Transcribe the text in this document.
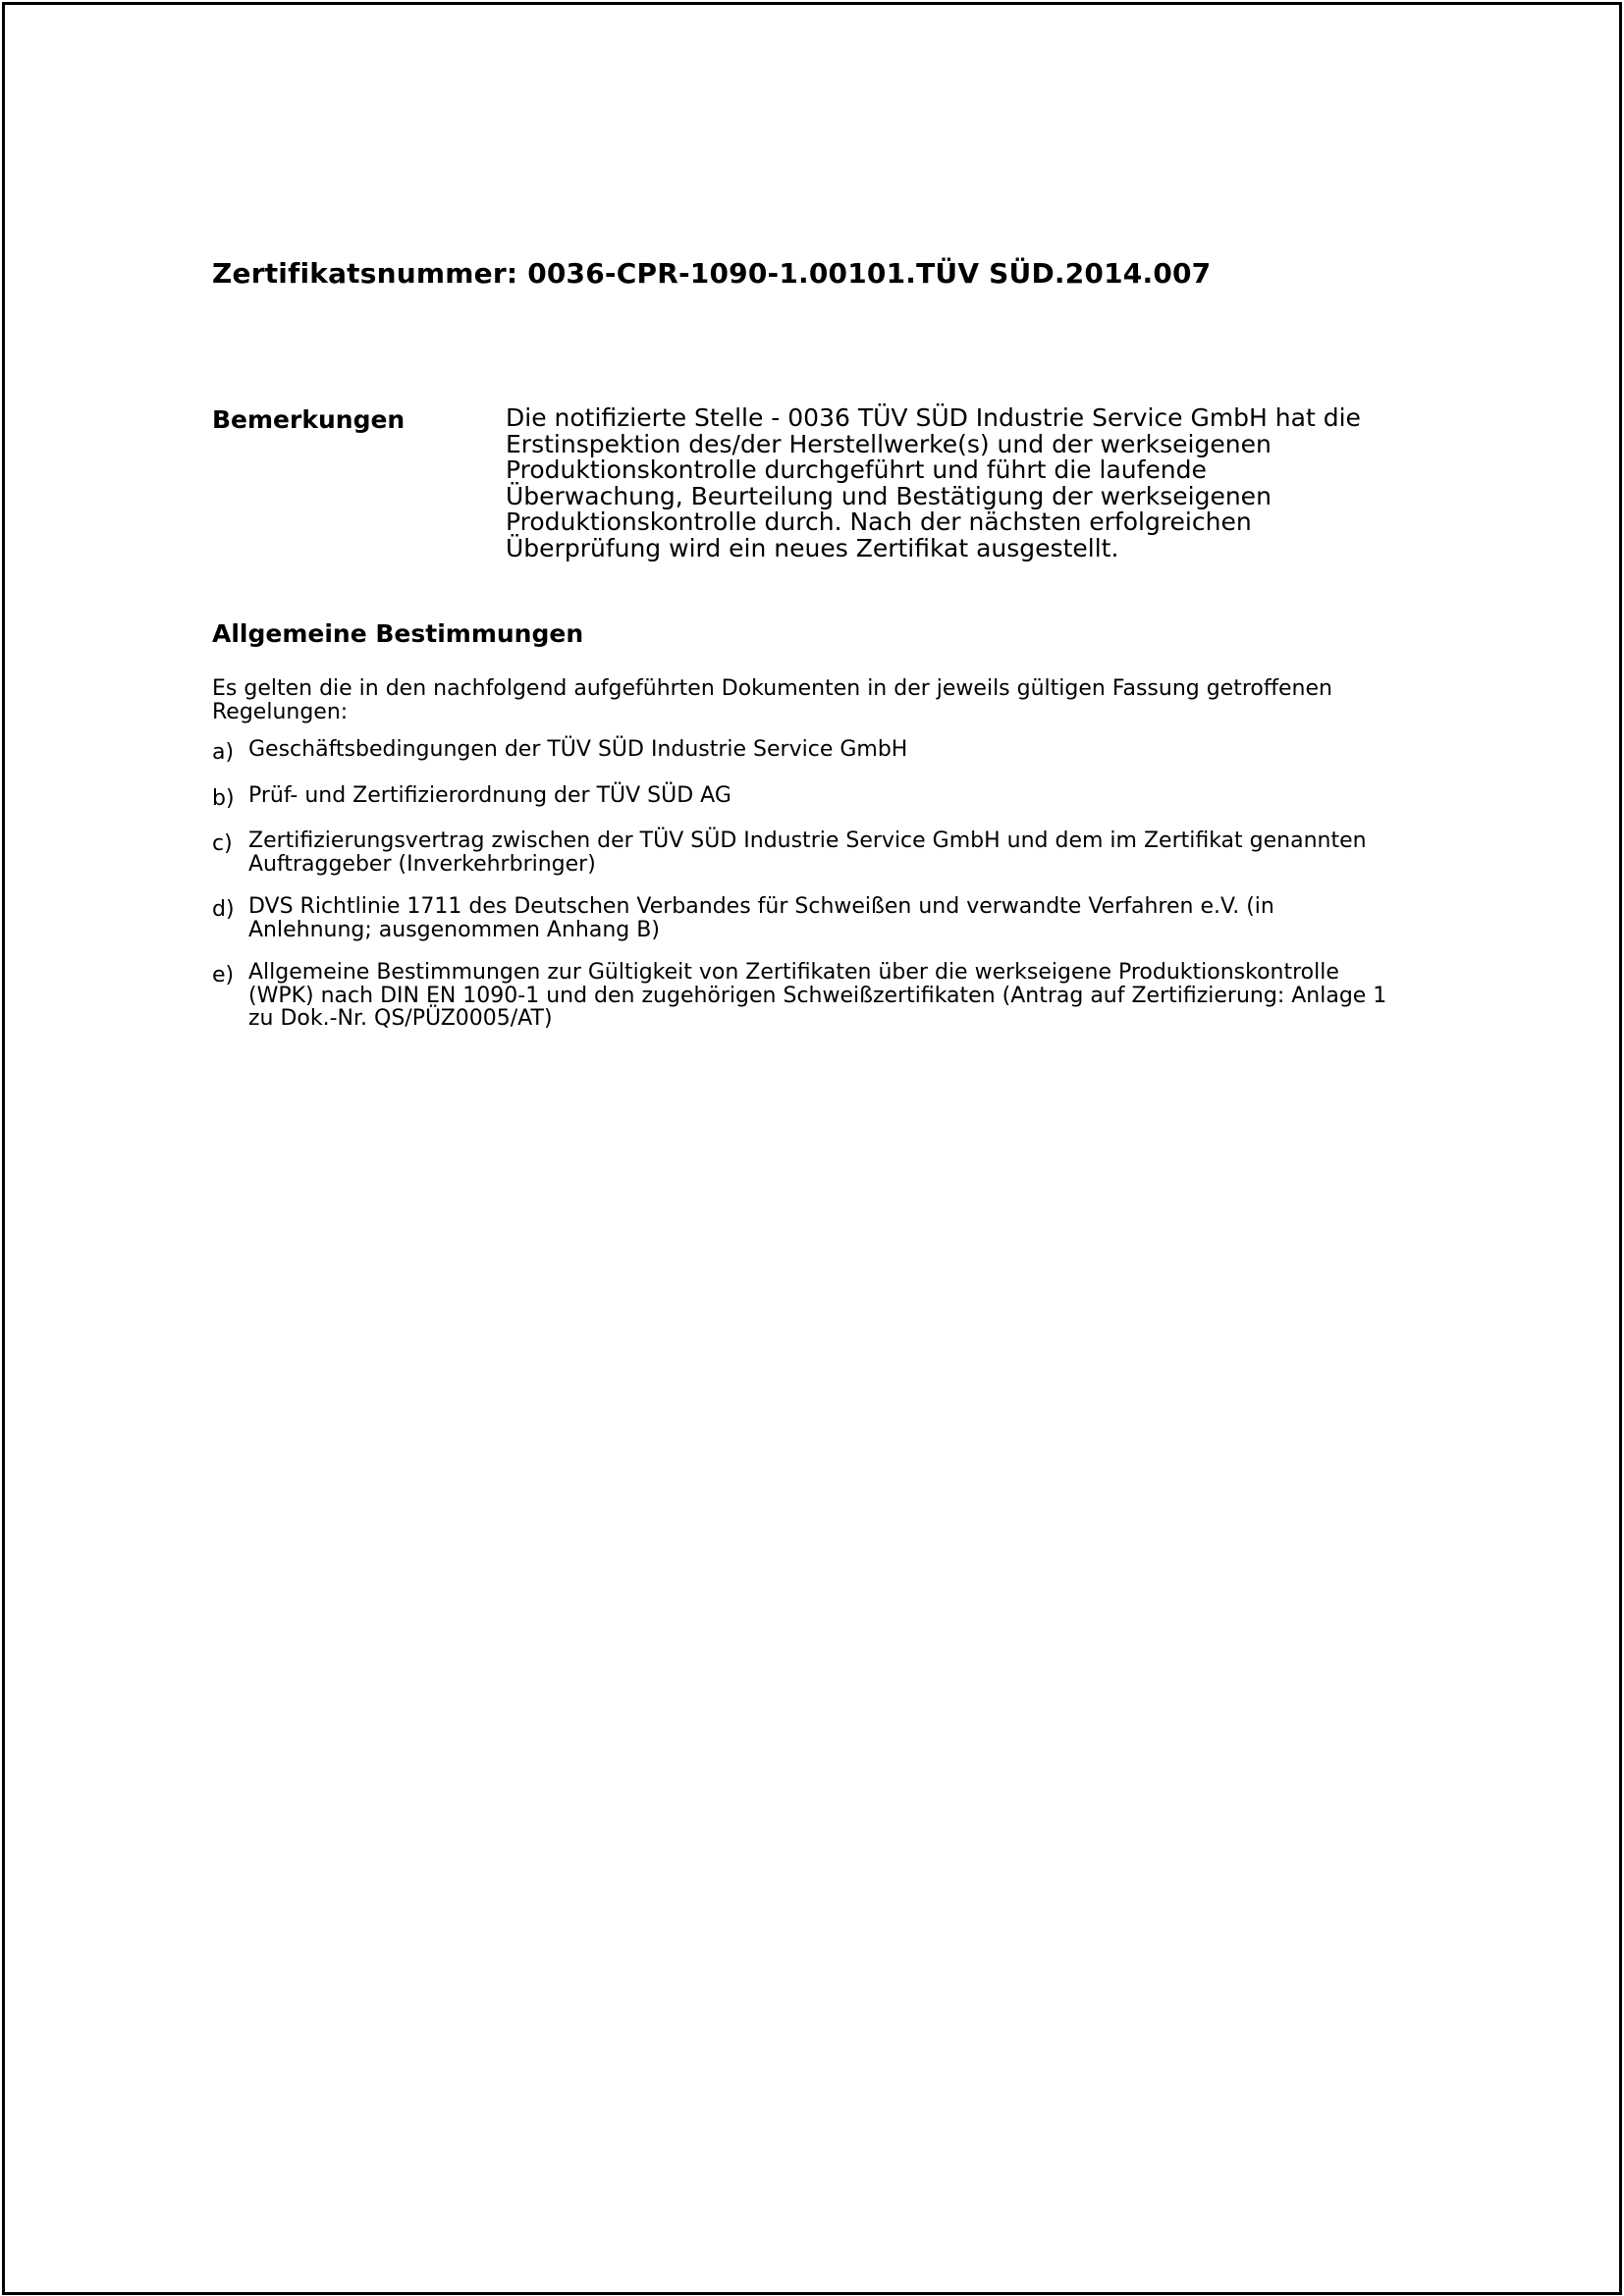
Zertifikatsnummer: 0036-CPR-1090-1.00101.TÜV SÜD.2014.007
Bemerkungen	Die notifizierte Stelle - 0036 TÜV SÜD Industrie Service GmbH hat die Erstinspektion des/der Herstellwerke(s) und der werkseigenen Produktionskontrolle durchgeführt und führt die laufende Überwachung, Beurteilung und Bestätigung der werkseigenen Produktionskontrolle durch. Nach der nächsten erfolgreichen Überprüfung wird ein neues Zertifikat ausgestellt.
Allgemeine Bestimmungen
Es gelten die in den nachfolgend aufgeführten Dokumenten in der jeweils gültigen Fassung getroffenen Regelungen:
a) Geschäftsbedingungen der TÜV SÜD Industrie Service GmbH
b) Prüf- und Zertifizierordnung der TÜV SÜD AG
c) Zertifizierungsvertrag zwischen der TÜV SÜD Industrie Service GmbH und dem im Zertifikat genannten Auftraggeber (Inverkehrbringer)
d) DVS Richtlinie 1711 des Deutschen Verbandes für Schweißen und verwandte Verfahren e.V. (in Anlehnung; ausgenommen Anhang B)
e) Allgemeine Bestimmungen zur Gültigkeit von Zertifikaten über die werkseigene Produktionskontrolle (WPK) nach DIN EN 1090-1 und den zugehörigen Schweißzertifikaten (Antrag auf Zertifizierung: Anlage 1 zu Dok.-Nr. QS/PÜZ0005/AT)
